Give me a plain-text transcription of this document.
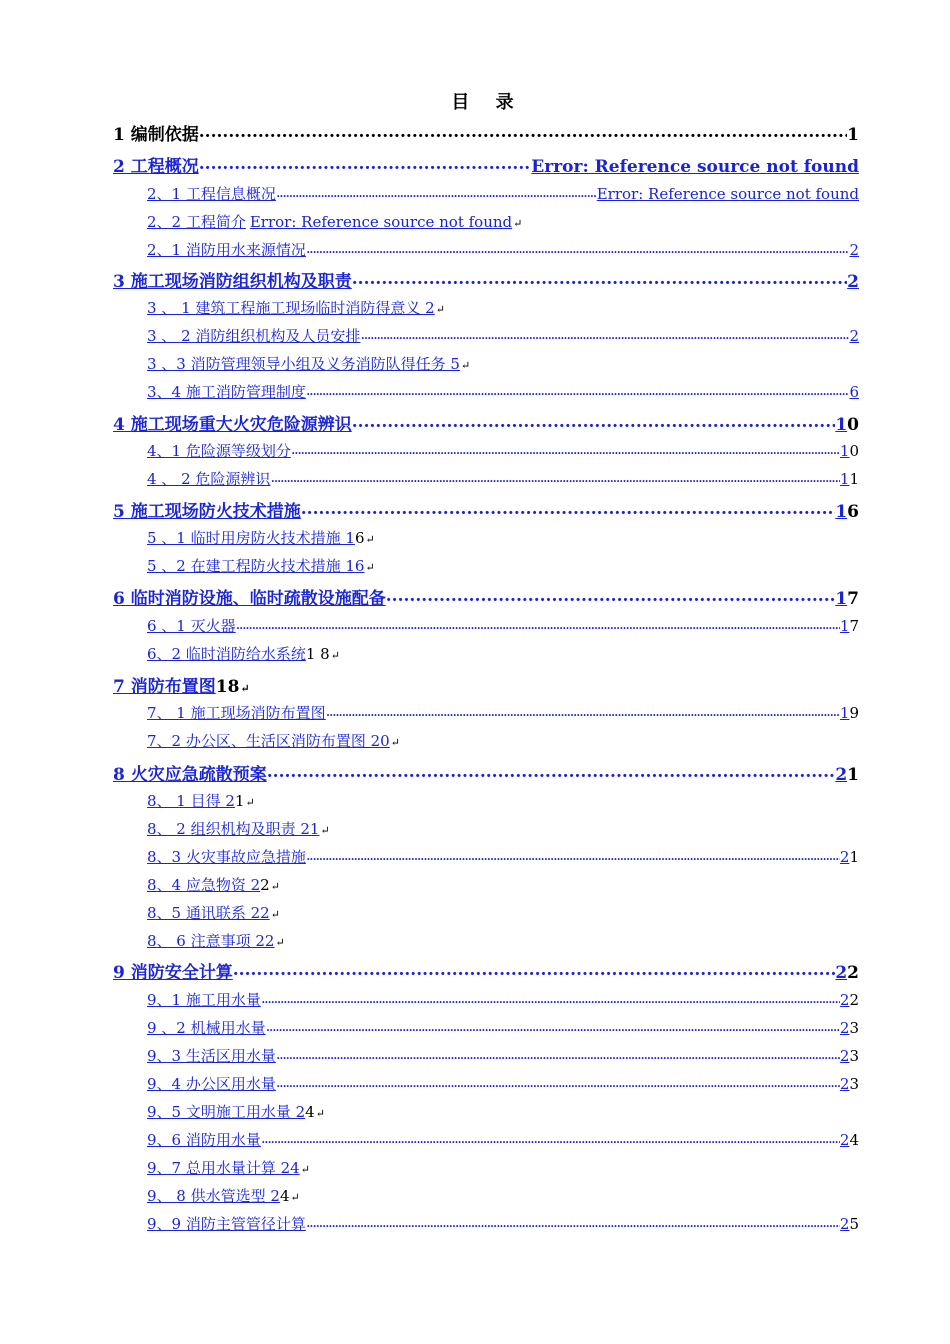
目 录
1 编制依据 .....	1
2 工程概况 .....	Error: Reference source not found
2、1 工程信息概况 .....	Error: Reference source not found
2、2 工程简介 Error: Reference source not found ↵
2、1 消防用水来源情况 .....	2
3 施工现场消防组织机构及职责 .....	2
3 、 1 建筑工程施工现场临时消防得意义 2 ↵
3 、 2 消防组织机构及人员安排 .....	2
3 、3 消防管理领导小组及义务消防队得任务 5 ↵
3、4 施工消防管理制度 .....	6
4 施工现场重大火灾危险源辨识 .....	1 0
4、1 危险源等级划分 .....	1 0
4 、 2 危险源辨识 .....	1 1
5 施工现场防火技术措施 .....	1 6
5 、1 临时用房防火技术措施 1 6 ↵
5 、2 在建工程防火技术措施 16 ↵
6 临时消防设施、临时疏散设施配备 .....	1 7
6 、1 灭火器 .....	1 7
6、2 临时消防给水系统 1 8 ↵
7 消防布置图 18 ↵
7、 1 施工现场消防布置图 .....	1 9
7、2 办公区、生活区消防布置图 20 ↵
8 火灾应急疏散预案 .....	2 1
8、 1 目得 2 1 ↵
8、 2 组织机构及职责 21 ↵
8、3 火灾事故应急措施 .....	2 1
8、4 应急物资 2 2 ↵
8、5 通讯联系 22 ↵
8、 6 注意事项 22 ↵
9 消防安全计算 .....	2 2
9、1 施工用水量 .....	2 2
9 、2 机械用水量 .....	2 3
9、3 生活区用水量 .....	2 3
9、4 办公区用水量 .....	2 3
9、5 文明施工用水量 2 4 ↵
9、6 消防用水量 .....	2 4
9、7 总用水量计算 24 ↵
9、 8 供水管选型 2 4 ↵
9、9 消防主管管径计算 .....	2 5
